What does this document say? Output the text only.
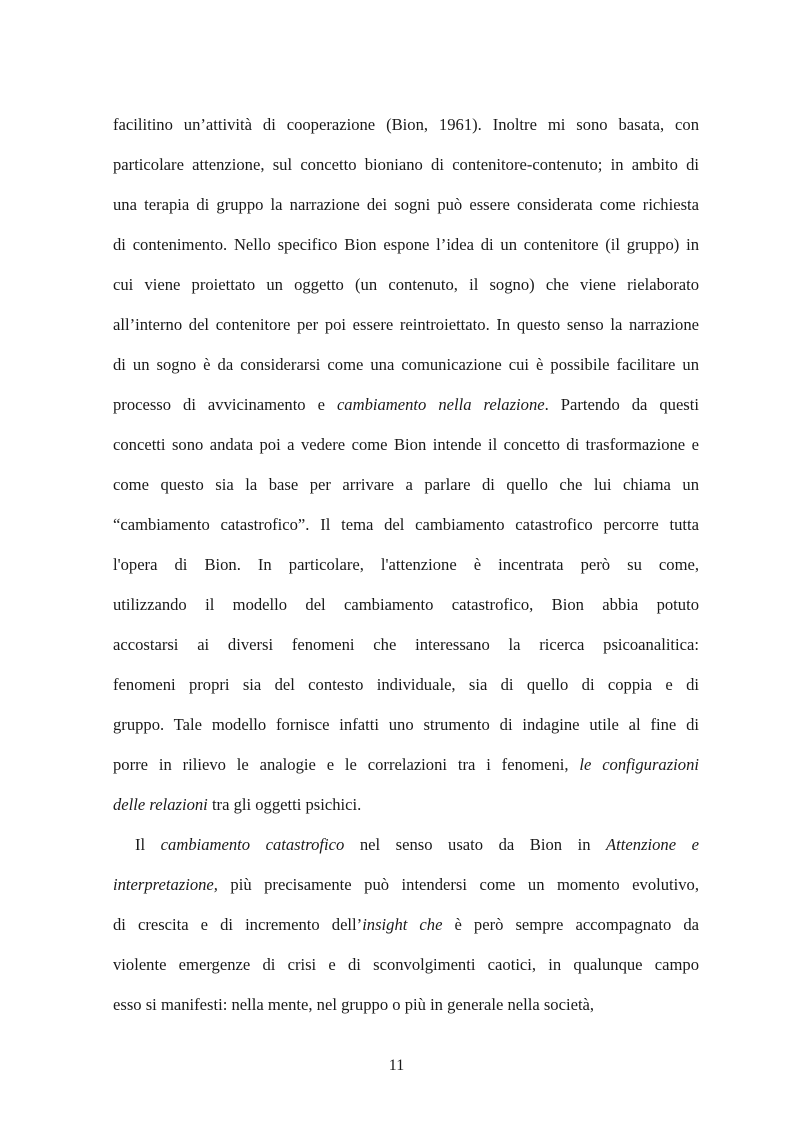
facilitino un’attività di cooperazione (Bion, 1961). Inoltre mi sono basata, con
particolare attenzione, sul concetto bioniano di contenitore-contenuto; in ambito di
una terapia di gruppo la narrazione dei sogni può essere considerata come richiesta
di contenimento. Nello specifico Bion espone l’idea di un contenitore (il gruppo) in
cui viene proiettato un oggetto (un contenuto, il sogno) che viene rielaborato
all’interno del contenitore per poi essere reintroiettato. In questo senso la narrazione
di un sogno è da considerarsi come una comunicazione cui è possibile facilitare un
processo di avvicinamento e cambiamento nella relazione. Partendo da questi
concetti sono andata poi a vedere come Bion intende il concetto di trasformazione e
come questo sia la base per arrivare a parlare di quello che lui chiama un
“cambiamento catastrofico”. Il tema del cambiamento catastrofico percorre tutta
l'opera di Bion. In particolare, l'attenzione è incentrata però su come,
utilizzando il modello del cambiamento catastrofico, Bion abbia potuto
accostarsi ai diversi fenomeni che interessano la ricerca psicoanalitica:
fenomeni propri sia del contesto individuale, sia di quello di coppia e di
gruppo. Tale modello fornisce infatti uno strumento di indagine utile al fine di
porre in rilievo le analogie e le correlazioni tra i fenomeni, le configurazioni
delle relazioni tra gli oggetti psichici.
Il cambiamento catastrofico nel senso usato da Bion in Attenzione e
interpretazione, più precisamente può intendersi come un momento evolutivo,
di crescita e di incremento dell’insight che è però sempre accompagnato da
violente emergenze di crisi e di sconvolgimenti caotici, in qualunque campo
esso si manifesti: nella mente, nel gruppo o più in generale nella società,
11
